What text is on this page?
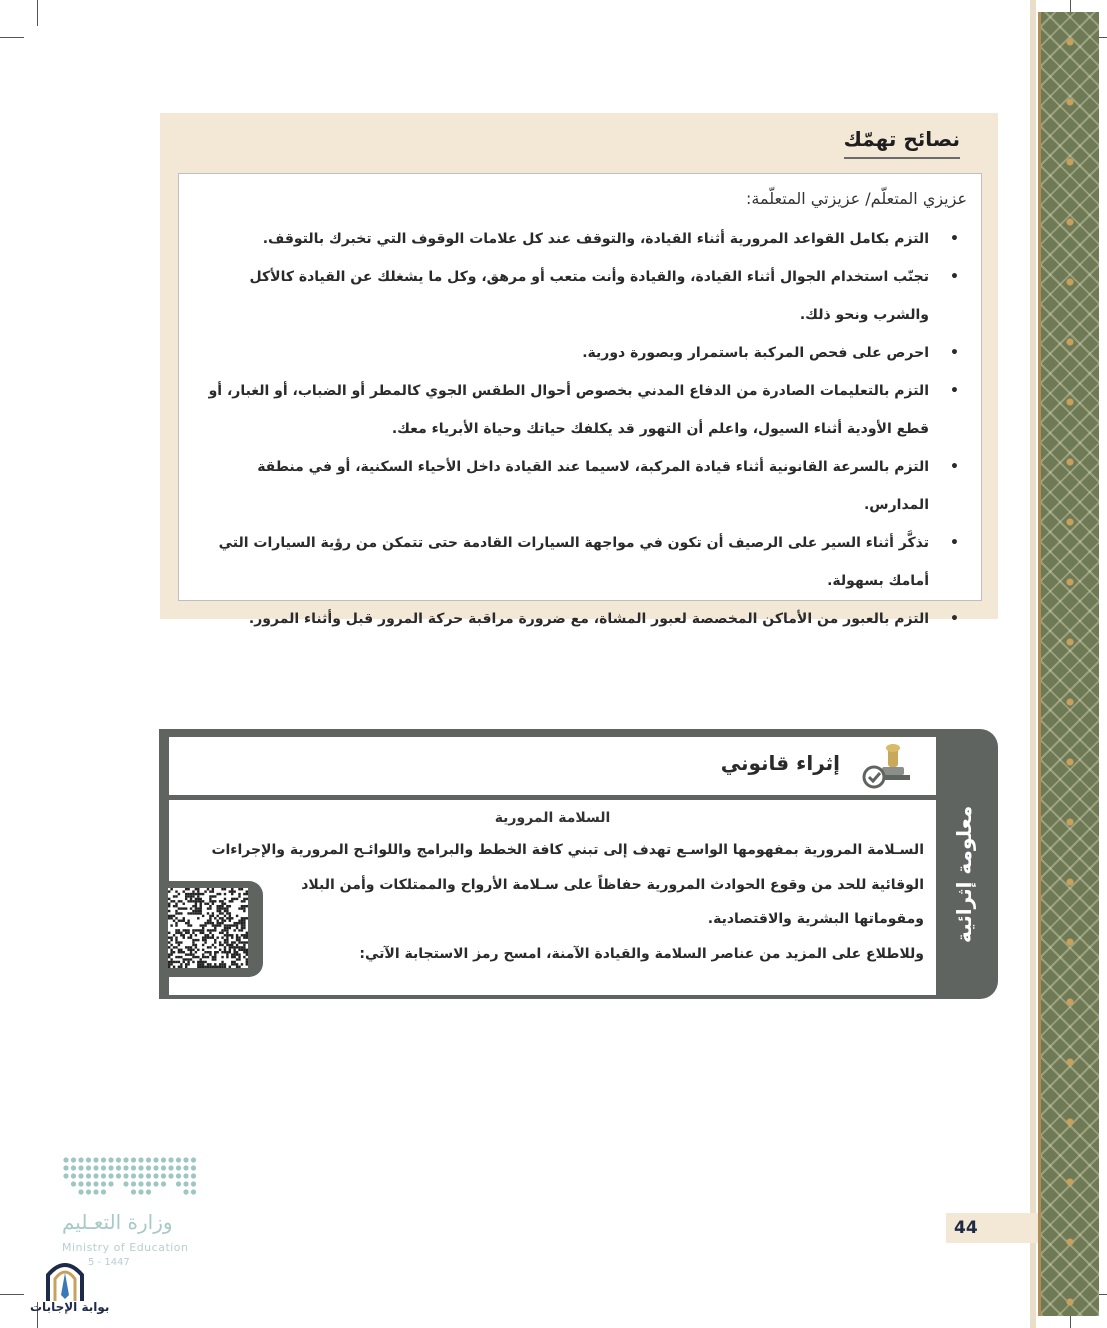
نصائح تهمّك

عزيزي المتعلّم/ عزيزتي المتعلّمة:

•
التزم بكامل القواعد المرورية أثناء القيادة، والتوقف عند كل علامات الوقوف التي تخبرك بالتوقف.
•
تجنّب استخدام الجوال أثناء القيادة، والقيادة وأنت متعب أو مرهق، وكل ما يشغلك عن القيادة كالأكل والشرب ونحو ذلك.
•
احرص على فحص المركبة باستمرار وبصورة دورية.
•
التزم بالتعليمات الصادرة من الدفاع المدني بخصوص أحوال الطقس الجوي كالمطر أو الضباب، أو الغبار، أو قطع الأودية أثناء السيول، واعلم أن التهور قد يكلفك حياتك وحياة الأبرياء معك.
•
التزم بالسرعة القانونية أثناء قيادة المركبة، لاسيما عند القيادة داخل الأحياء السكنية، أو في منطقة المدارس.
•
تذكَّر أثناء السير على الرصيف أن تكون في مواجهة السيارات القادمة حتى تتمكن من رؤية السيارات التي أمامك بسهولة.
•
التزم بالعبور من الأماكن المخصصة لعبور المشاة، مع ضرورة مراقبة حركة المرور قبل وأثناء المرور.
معلومة إثرائية
إثراء قانوني
السلامة المرورية
السـلامة المرورية بمفهومها الواسـع تهدف إلى تبني كافة الخطط والبرامج واللوائـح المرورية والإجراءات
الوقائية للحد من وقوع الحوادث المرورية حفاظاً على سـلامة الأرواح والممتلكات وأمن البلاد
ومقوماتها البشرية والاقتصادية.
وللاطلاع على المزيد من عناصر السلامة والقيادة الآمنة، امسح رمز الاستجابة الآتي:
44
وزارة التعـليم
Ministry of Education
5 - 1447
بوابة الإجابات
